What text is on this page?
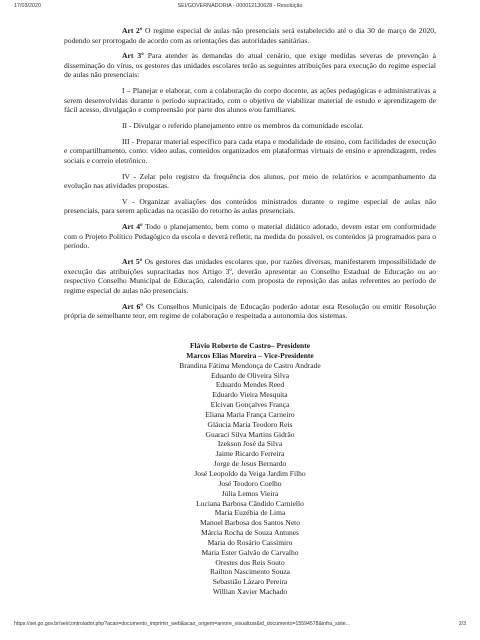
17/03/2020	SEI/GOVERNADORIA - 000012130628 - Resolução

Art 2º O regime especial de aulas não presenciais será estabelecido até o dia 30 de março de 2020, podendo ser prorrogado de acordo com as orientações das autoridades sanitárias.

Art 3º Para atender às demandas do atual cenário, que exige medidas severas de prevenção à disseminação do vírus, os gestores das unidades escolares terão as seguintes atribuições para execução do regime especial de aulas não presenciais:

I – Planejar e elaborar, com a colaboração do corpo docente, as ações pedagógicas e administrativas a serem desenvolvidas durante o período supracitado, com o objetivo de viabilizar material de estudo e aprendizagem de fácil acesso, divulgação e compreensão por parte dos alunos e/ou familiares.

II - Divulgar o referido planejamento entre os membros da comunidade escolar.

III - Preparar material específico para cada etapa e modalidade de ensino, com facilidades de execução e compartilhamento, como: vídeo aulas, conteúdos organizados em plataformas virtuais de ensino e aprendizagem, redes sociais e correio eletrônico.

IV - Zelar pelo registro da frequência dos alunos, por meio de relatórios e acompanhamento da evolução nas atividades propostas.

V - Organizar avaliações dos conteúdos ministrados durante o regime especial de aulas não presenciais, para serem aplicadas na ocasião do retorno às aulas presenciais.

Art 4º Todo o planejamento, bem como o material didático adotado, devem estar em conformidade com o Projeto Político Pedagógico da escola e deverá refletir, na medida do possível, os conteúdos já programados para o período.

Art 5º Os gestores das unidades escolares que, por razões diversas, manifestarem impossibilidade de execução das atribuições supracitadas nos Artigo 3º, deverão apresentar ao Conselho Estadual de Educação ou ao respectivo Conselho Municipal de Educação, calendário com proposta de reposição das aulas referentes ao período de regime especial de aulas não presenciais.

Art 6º Os Conselhos Municipais de Educação poderão adotar esta Resolução ou emitir Resolução própria de semelhante teor, em regime de colaboração e respeitada a autonomia dos sistemas.

Flávio Roberto de Castro– Presidente
Marcos Elias Moreira – Vice-Presidente
Brandina Fátima Mendonça de Castro Andrade
Eduardo de Oliveira Silva
Eduardo Mendes Reed
Eduardo Vieira Mesquita
Elcivan Gonçalves França
Eliana Maria França Carneiro
Gláucia Maria Teodoro Reis
Guaraci Silva Martins Gidrão
Izekson José da Silva
Jaime Ricardo Ferreira
Jorge de Jesus Bernardo
José Leopoldo da Veiga Jardim Filho
José Teodoro Coelho
Júlia Lemos Vieira
Luciana Barbosa Cândido Carniello
Maria Euzébia de Lima
Manoel Barbosa dos Santos Neto
Márcia Rocha de Souza Antunes
Maria do Rosário Cassimiro
Maria Ester Galvão de Carvalho
Orestes dos Reis Souto
Railton Nascimento Souza
Sebastião Lázaro Pereira
Willian Xavier Machado
https://sei.go.gov.br/sei/controlador.php?acao=documento_imprimir_web&acao_origem=arvore_visualizar&id_documento=15594578&infra_siste...	2/3
